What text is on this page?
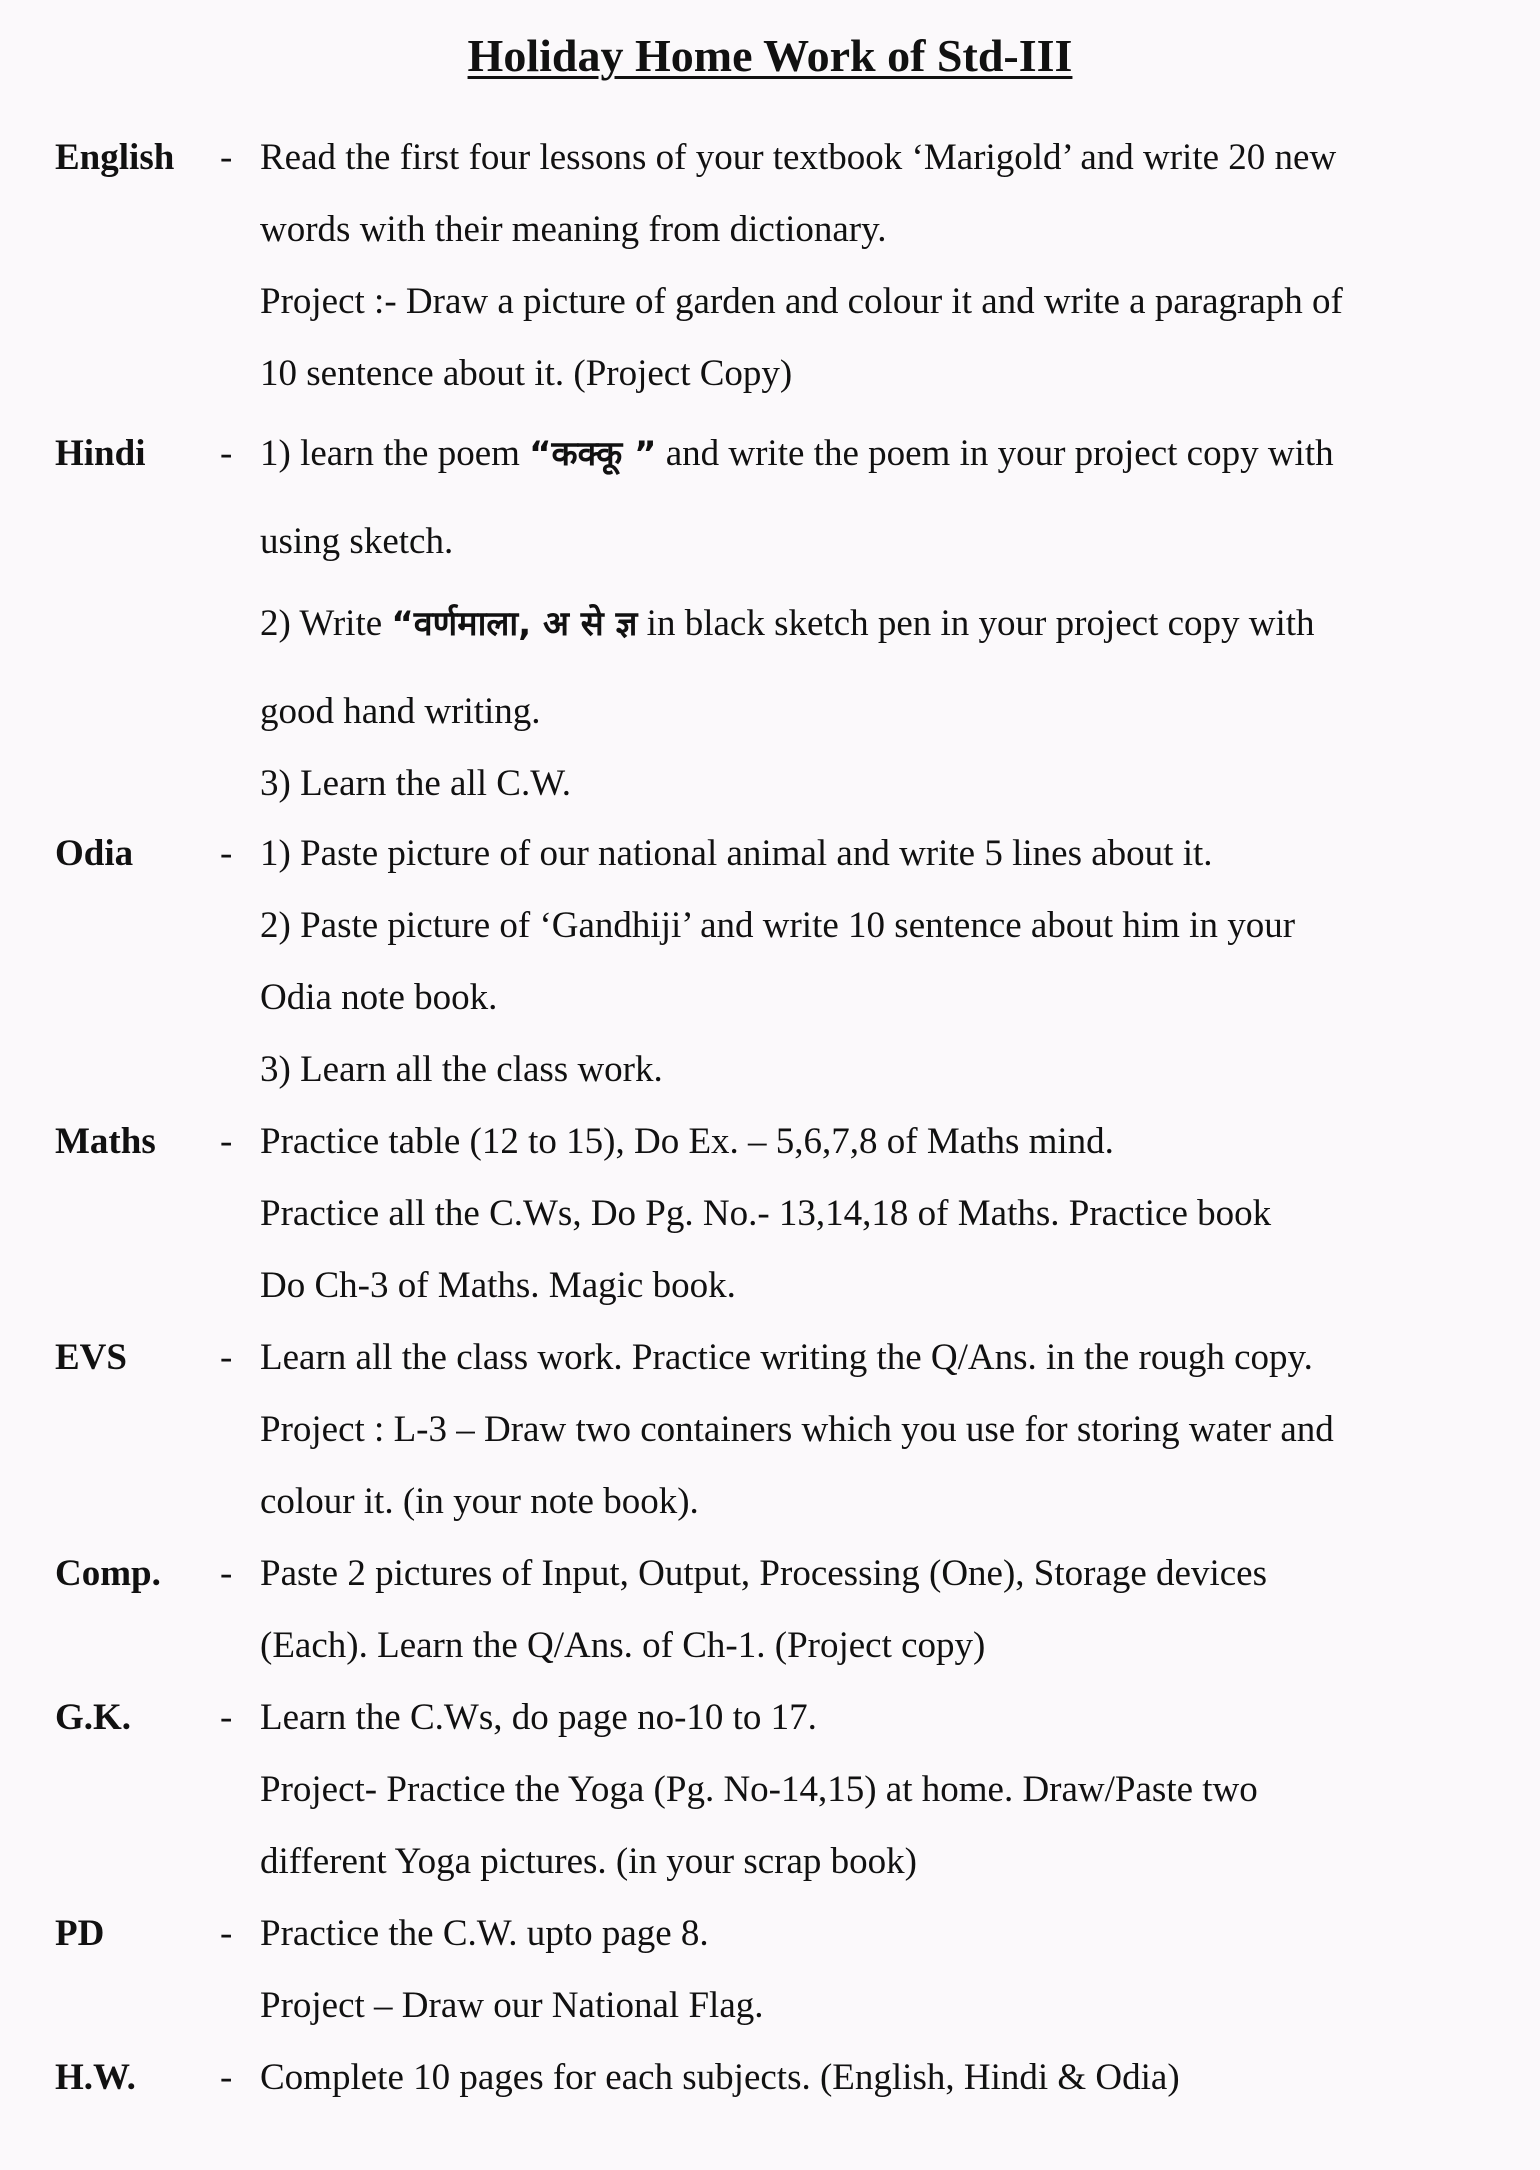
Holiday Home Work of Std-III
English - Read the first four lessons of your textbook ‘Marigold’ and write 20 new
words with their meaning from dictionary.
Project :- Draw a picture of garden and colour it and write a paragraph of
10 sentence about it. (Project Copy)
Hindi - 1) learn the poem “कक्कू ” and write the poem in your project copy with
using sketch.
2) Write “वर्णमाला, अ से ज्ञ in black sketch pen in your project copy with
good hand writing.
3) Learn the all C.W.
Odia - 1) Paste picture of our national animal and write 5 lines about it.
2) Paste picture of ‘Gandhiji’ and write 10 sentence about him in your
Odia note book.
3) Learn all the class work.
Maths - Practice table (12 to 15), Do Ex. – 5,6,7,8 of Maths mind.
Practice all the C.Ws, Do Pg. No.- 13,14,18 of Maths. Practice book
Do Ch-3 of Maths. Magic book.
EVS	- Learn all the class work. Practice writing the Q/Ans. in the rough copy.
Project : L-3 – Draw two containers which you use for storing water and
colour it. (in your note book).
Comp. - Paste 2 pictures of Input, Output, Processing (One), Storage devices
(Each). Learn the Q/Ans. of Ch-1. (Project copy)
G.K. - Learn the C.Ws, do page no-10 to 17.
Project- Practice the Yoga (Pg. No-14,15) at home. Draw/Paste two
different Yoga pictures. (in your scrap book)
PD	- Practice the C.W. upto page 8.
Project – Draw our National Flag.
H.W. - Complete 10 pages for each subjects. (English, Hindi & Odia)
